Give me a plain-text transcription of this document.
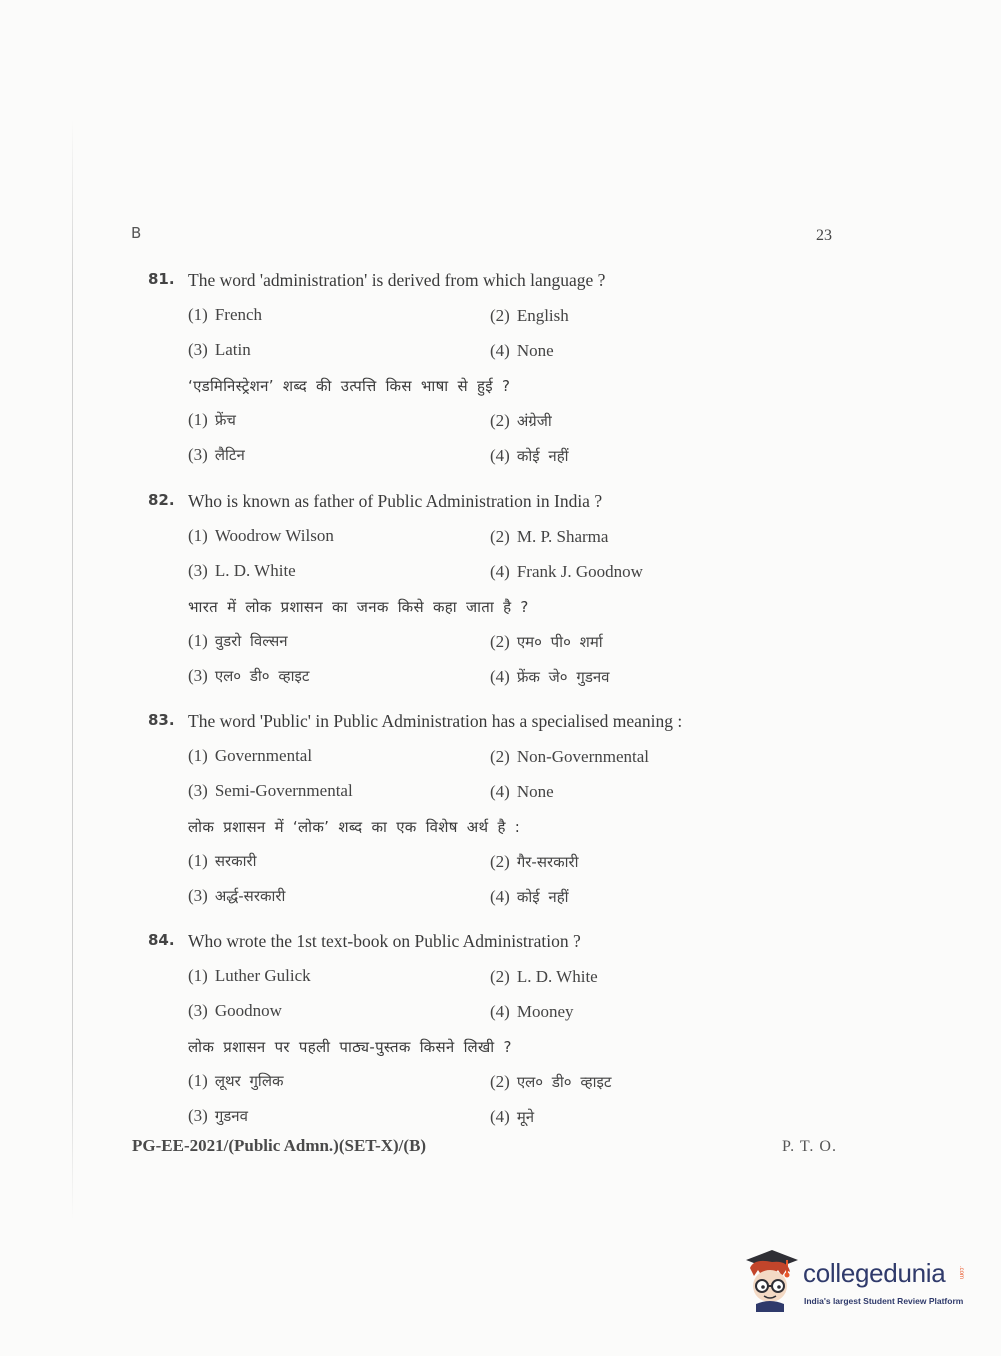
B	23
81. The word 'administration' is derived from which language ?
(1) French	(2) English
(3) Latin	(4) None
‘एडमिनिस्ट्रेशन’ शब्द की उत्पत्ति किस भाषा से हुई ?
(1) फ्रेंच	(2) अंग्रेजी
(3) लैटिन	(4) कोई नहीं
82. Who is known as father of Public Administration in India ?
(1) Woodrow Wilson	(2) M. P. Sharma
(3) L. D. White	(4) Frank J. Goodnow
भारत में लोक प्रशासन का जनक किसे कहा जाता है ?
(1) वुडरो विल्सन	(2) एम० पी० शर्मा
(3) एल० डी० व्हाइट	(4) फ्रेंक जे० गुडनव
83. The word 'Public' in Public Administration has a specialised meaning :
(1) Governmental	(2) Non-Governmental
(3) Semi-Governmental	(4) None
लोक प्रशासन में ‘लोक’ शब्द का एक विशेष अर्थ है :
(1) सरकारी	(2) गैर-सरकारी
(3) अर्द्ध-सरकारी	(4) कोई नहीं
84. Who wrote the 1st text-book on Public Administration ?
(1) Luther Gulick	(2) L. D. White
(3) Goodnow	(4) Mooney
लोक प्रशासन पर पहली पाठ्य-पुस्तक किसने लिखी ?
(1) लूथर गुलिक	(2) एल० डी० व्हाइट
(3) गुडनव	(4) मूने
PG-EE-2021/(Public Admn.)(SET-X)/(B)	P. T. O.
collegedunia .com
India's largest Student Review Platform
